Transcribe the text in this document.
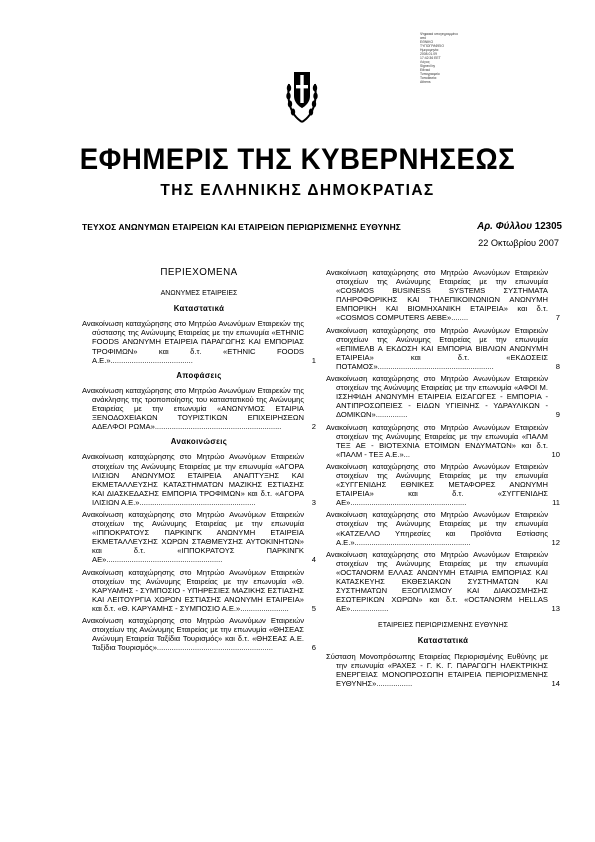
Ψηφιακά υπογεγραμμένο
από
ΕΘΝΙΚΟ
ΤΥΠΟΓΡΑΦΕΙΟ
Ημερομηνία:
2008.01.09
17:42:36 EET
Λόγος:
Signed by
Εθνικό
Τυπογραφείο
Τοποθεσία:
Athens
ΕΦΗΜΕΡΙΣ ΤΗΣ ΚΥΒΕΡΝΗΣΕΩΣ
ΤΗΣ ΕΛΛΗΝΙΚΗΣ ΔΗΜΟΚΡΑΤΙΑΣ
ΤΕΥΧΟΣ ΑΝΩΝΥΜΩΝ ΕΤΑΙΡΕΙΩΝ ΚΑΙ ΕΤΑΙΡΕΙΩΝ ΠΕΡΙΩΡΙΣΜΕΝΗΣ ΕΥΘΥΝΗΣ	Αρ. Φύλλου 12305
22 Οκτωβρίου 2007
ΠΕΡΙΕΧΟΜΕΝΑ
ΑΝΩΝΥΜΕΣ ΕΤΑΙΡΕΙΕΣ
Καταστατικά
Ανακοίνωση καταχώρησης στο Μητρώο Ανωνύμων Εταιρειών της σύστασης της Ανώνυμης Εταιρείας με την επωνυμία «ETHNIC FOODS ΑΝΩΝΥΜΗ ΕΤΑΙΡΕΙΑ ΠΑΡΑΓΩΓΗΣ ΚΑΙ ΕΜΠΟΡΙΑΣ ΤΡΟΦΙΜΩΝ» και δ.τ. «ETHNIC FOODS Α.Ε.».......................................	1
Αποφάσεις
Ανακοίνωση καταχώρησης στο Μητρώο Ανωνύμων Εταιρειών της ανάκλησης της τροποποίησης του καταστατικού της Ανώνυμης Εταιρείας με την επωνυμία «ΑΝΩΝΥΜΟΣ ΕΤΑΙΡΙΑ ΞΕΝΟΔΟΧΕΙΑΚΩΝ ΤΟΥΡΙΣΤΙΚΩΝ ΕΠΙΧΕΙΡΗΣΕΩΝ ΑΔΕΛΦΟΙ ΡΩΜΑ»............................................................	2
Ανακοινώσεις
Ανακοίνωση καταχώρησης στο Μητρώο Ανωνύμων Εταιρειών στοιχείων της Ανώνυμης Εταιρείας με την επωνυμία «ΑΓΟΡΑ ΙΛΙΣΙΩΝ ΑΝΩΝΥΜΟΣ ΕΤΑΙΡΕΙΑ ΑΝΑΠΤΥΞΗΣ ΚΑΙ ΕΚΜΕΤΑΛΛΕΥΣΗΣ ΚΑΤΑΣΤΗΜΑΤΩΝ ΜΑΖΙΚΗΣ ΕΣΤΙΑΣΗΣ ΚΑΙ ΔΙΑΣΚΕΔΑΣΗΣ ΕΜΠΟΡΙΑ ΤΡΟΦΙΜΩΝ» και δ.τ. «ΑΓΟΡΑ ΙΛΙΣΙΩΝ Α.Ε.».......................................................	3
Ανακοίνωση καταχώρησης στο Μητρώο Ανωνύμων Εταιρειών στοιχείων της Ανώνυμης Εταιρείας με την επωνυμία «ΙΠΠΟΚΡΑΤΟΥΣ ΠΑΡΚΙΝΓΚ ΑΝΩΝΥΜΗ ΕΤΑΙΡΕΙΑ ΕΚΜΕΤΑΛΛΕΥΣΗΣ ΧΩΡΩΝ ΣΤΑΘΜΕΥΣΗΣ ΑΥΤΟΚΙΝΗΤΩΝ» και δ.τ. «ΙΠΠΟΚΡΑΤΟΥΣ ΠΑΡΚΙΝΓΚ ΑΕ».......................................................	4
Ανακοίνωση καταχώρησης στο Μητρώο Ανωνύμων Εταιρειών στοιχείων της Ανώνυμης Εταιρείας με την επωνυμία «Θ. ΚΑΡΥΑΜΗΣ - ΣΥΜΠΟΣΙΟ - ΥΠΗΡΕΣΙΕΣ ΜΑΖΙΚΗΣ ΕΣΤΙΑΣΗΣ ΚΑΙ ΛΕΙΤΟΥΡΓΙΑ ΧΩΡΩΝ ΕΣΤΙΑΣΗΣ ΑΝΩΝΥΜΗ ΕΤΑΙΡΕΙΑ» και δ.τ. «Θ. ΚΑΡΥΑΜΗΣ - ΣΥΜΠΟΣΙΟ Α.Ε.».......................	5
Ανακοίνωση καταχώρησης στο Μητρώο Ανωνύμων Εταιρειών στοιχείων της Ανώνυμης Εταιρείας με την επωνυμία «ΘΗΣΕΑΣ Ανώνυμη Εταιρεία Ταξίδια Τουρισμός» και δ.τ. «ΘΗΣΕΑΣ Α.Ε. Ταξίδια Τουρισμός».......................................................	6
Ανακοίνωση καταχώρησης στο Μητρώο Ανωνύμων Εταιρειών στοιχείων της Ανώνυμης Εταιρείας με την επωνυμία «COSMOS BUSINESS SYSTEMS ΣΥΣΤΗΜΑΤΑ ΠΛΗΡΟΦΟΡΙΚΗΣ ΚΑΙ ΤΗΛΕΠΙΚΟΙΝΩΝΙΩΝ ΑΝΩΝΥΜΗ ΕΜΠΟΡΙΚΗ ΚΑΙ ΒΙΟΜΗΧΑΝΙΚΗ ΕΤΑΙΡΕΙΑ» και δ.τ. «COSMOS COMPUTERS ΑΕΒΕ»........	7
Ανακοίνωση καταχώρησης στο Μητρώο Ανωνύμων Εταιρειών στοιχείων της Ανώνυμης Εταιρείας με την επωνυμία «ΕΠΙΜΕΛΒ Α ΕΚΔΟΣΗ ΚΑΙ ΕΜΠΟΡΙΑ ΒΙΒΛΙΩΝ ΑΝΩΝΥΜΗ ΕΤΑΙΡΕΙΑ» και δ.τ. «ΕΚΔΟΣΕΙΣ ΠΟΤΑΜΟΣ».......................................................	8
Ανακοίνωση καταχώρησης στο Μητρώο Ανωνύμων Εταιρειών στοιχείων της Ανώνυμης Εταιρείας με την επωνυμία «ΑΦΟΙ Μ. ΙΣΣΗΦΙΔΗ ΑΝΩΝΥΜΗ ΕΤΑΙΡΕΙΑ ΕΙΣΑΓΩΓΕΣ - ΕΜΠΟΡΙΑ - ΑΝΤΙΠΡΟΣΩΠΕΙΕΣ - ΕΙΔΩΝ ΥΓΙΕΙΝΗΣ - ΥΔΡΑΥΛΙΚΩΝ - ΔΟΜΙΚΩΝ»...............	9
Ανακοίνωση καταχώρησης στο Μητρώο Ανωνύμων Εταιρειών στοιχείων της Ανώνυμης Εταιρείας με την επωνυμία «ΠΑΛΜ ΤΕΞ ΑΕ - ΒΙΟΤΕΧΝΙΑ ΕΤΟΙΜΩΝ ΕΝΔΥΜΑΤΩΝ» και δ.τ. «ΠΑΛΜ - ΤΕΞ Α.Ε.»...	10
Ανακοίνωση καταχώρησης στο Μητρώο Ανωνύμων Εταιρειών στοιχείων της Ανώνυμης Εταιρείας με την επωνυμία «ΣΥΓΓΕΝΙΔΗΣ ΕΘΝΙΚΕΣ ΜΕΤΑΦΟΡΕΣ ΑΝΩΝΥΜΗ ΕΤΑΙΡΕΙΑ» και δ.τ. «ΣΥΓΓΕΝΙΔΗΣ ΑΕ».......................................................	11
Ανακοίνωση καταχώρησης στο Μητρώο Ανωνύμων Εταιρειών στοιχείων της Ανώνυμης Εταιρείας με την επωνυμία «ΚΑΤΖΕΛΛΟ Υπηρεσίες και Προϊόντα Εστίασης Α.Ε.».......................................................	12
Ανακοίνωση καταχώρησης στο Μητρώο Ανωνύμων Εταιρειών στοιχείων της Ανώνυμης Εταιρείας με την επωνυμία «OCTANORM ΕΛΛΑΣ ΑΝΩΝΥΜΗ ΕΤΑΙΡΙΑ ΕΜΠΟΡΙΑΣ ΚΑΙ ΚΑΤΑΣΚΕΥΗΣ ΕΚΘΕΣΙΑΚΩΝ ΣΥΣΤΗΜΑΤΩΝ ΚΑΙ ΣΥΣΤΗΜΑΤΩΝ ΕΞΟΠΛΙΣΜΟΥ ΚΑΙ ΔΙΑΚΟΣΜΗΣΗΣ ΕΣΩΤΕΡΙΚΩΝ ΧΩΡΩΝ» και δ.τ. «OCTANORM HELLAS ΑΕ»..................	13
ΕΤΑΙΡΕΙΕΣ ΠΕΡΙΩΡΙΣΜΕΝΗΣ ΕΥΘΥΝΗΣ
Καταστατικά
Σύσταση Μονοπρόσωπης Εταιρείας Περιορισμένης Ευθύνης με την επωνυμία «ΡΑΧΕΣ - Γ. Κ. Γ. ΠΑΡΑΓΩΓΗ ΗΛΕΚΤΡΙΚΗΣ ΕΝΕΡΓΕΙΑΣ ΜΟΝΟΠΡΟΣΩΠΗ ΕΤΑΙΡΕΙΑ ΠΕΡΙΟΡΙΣΜΕΝΗΣ ΕΥΘΥΝΗΣ».................	14
